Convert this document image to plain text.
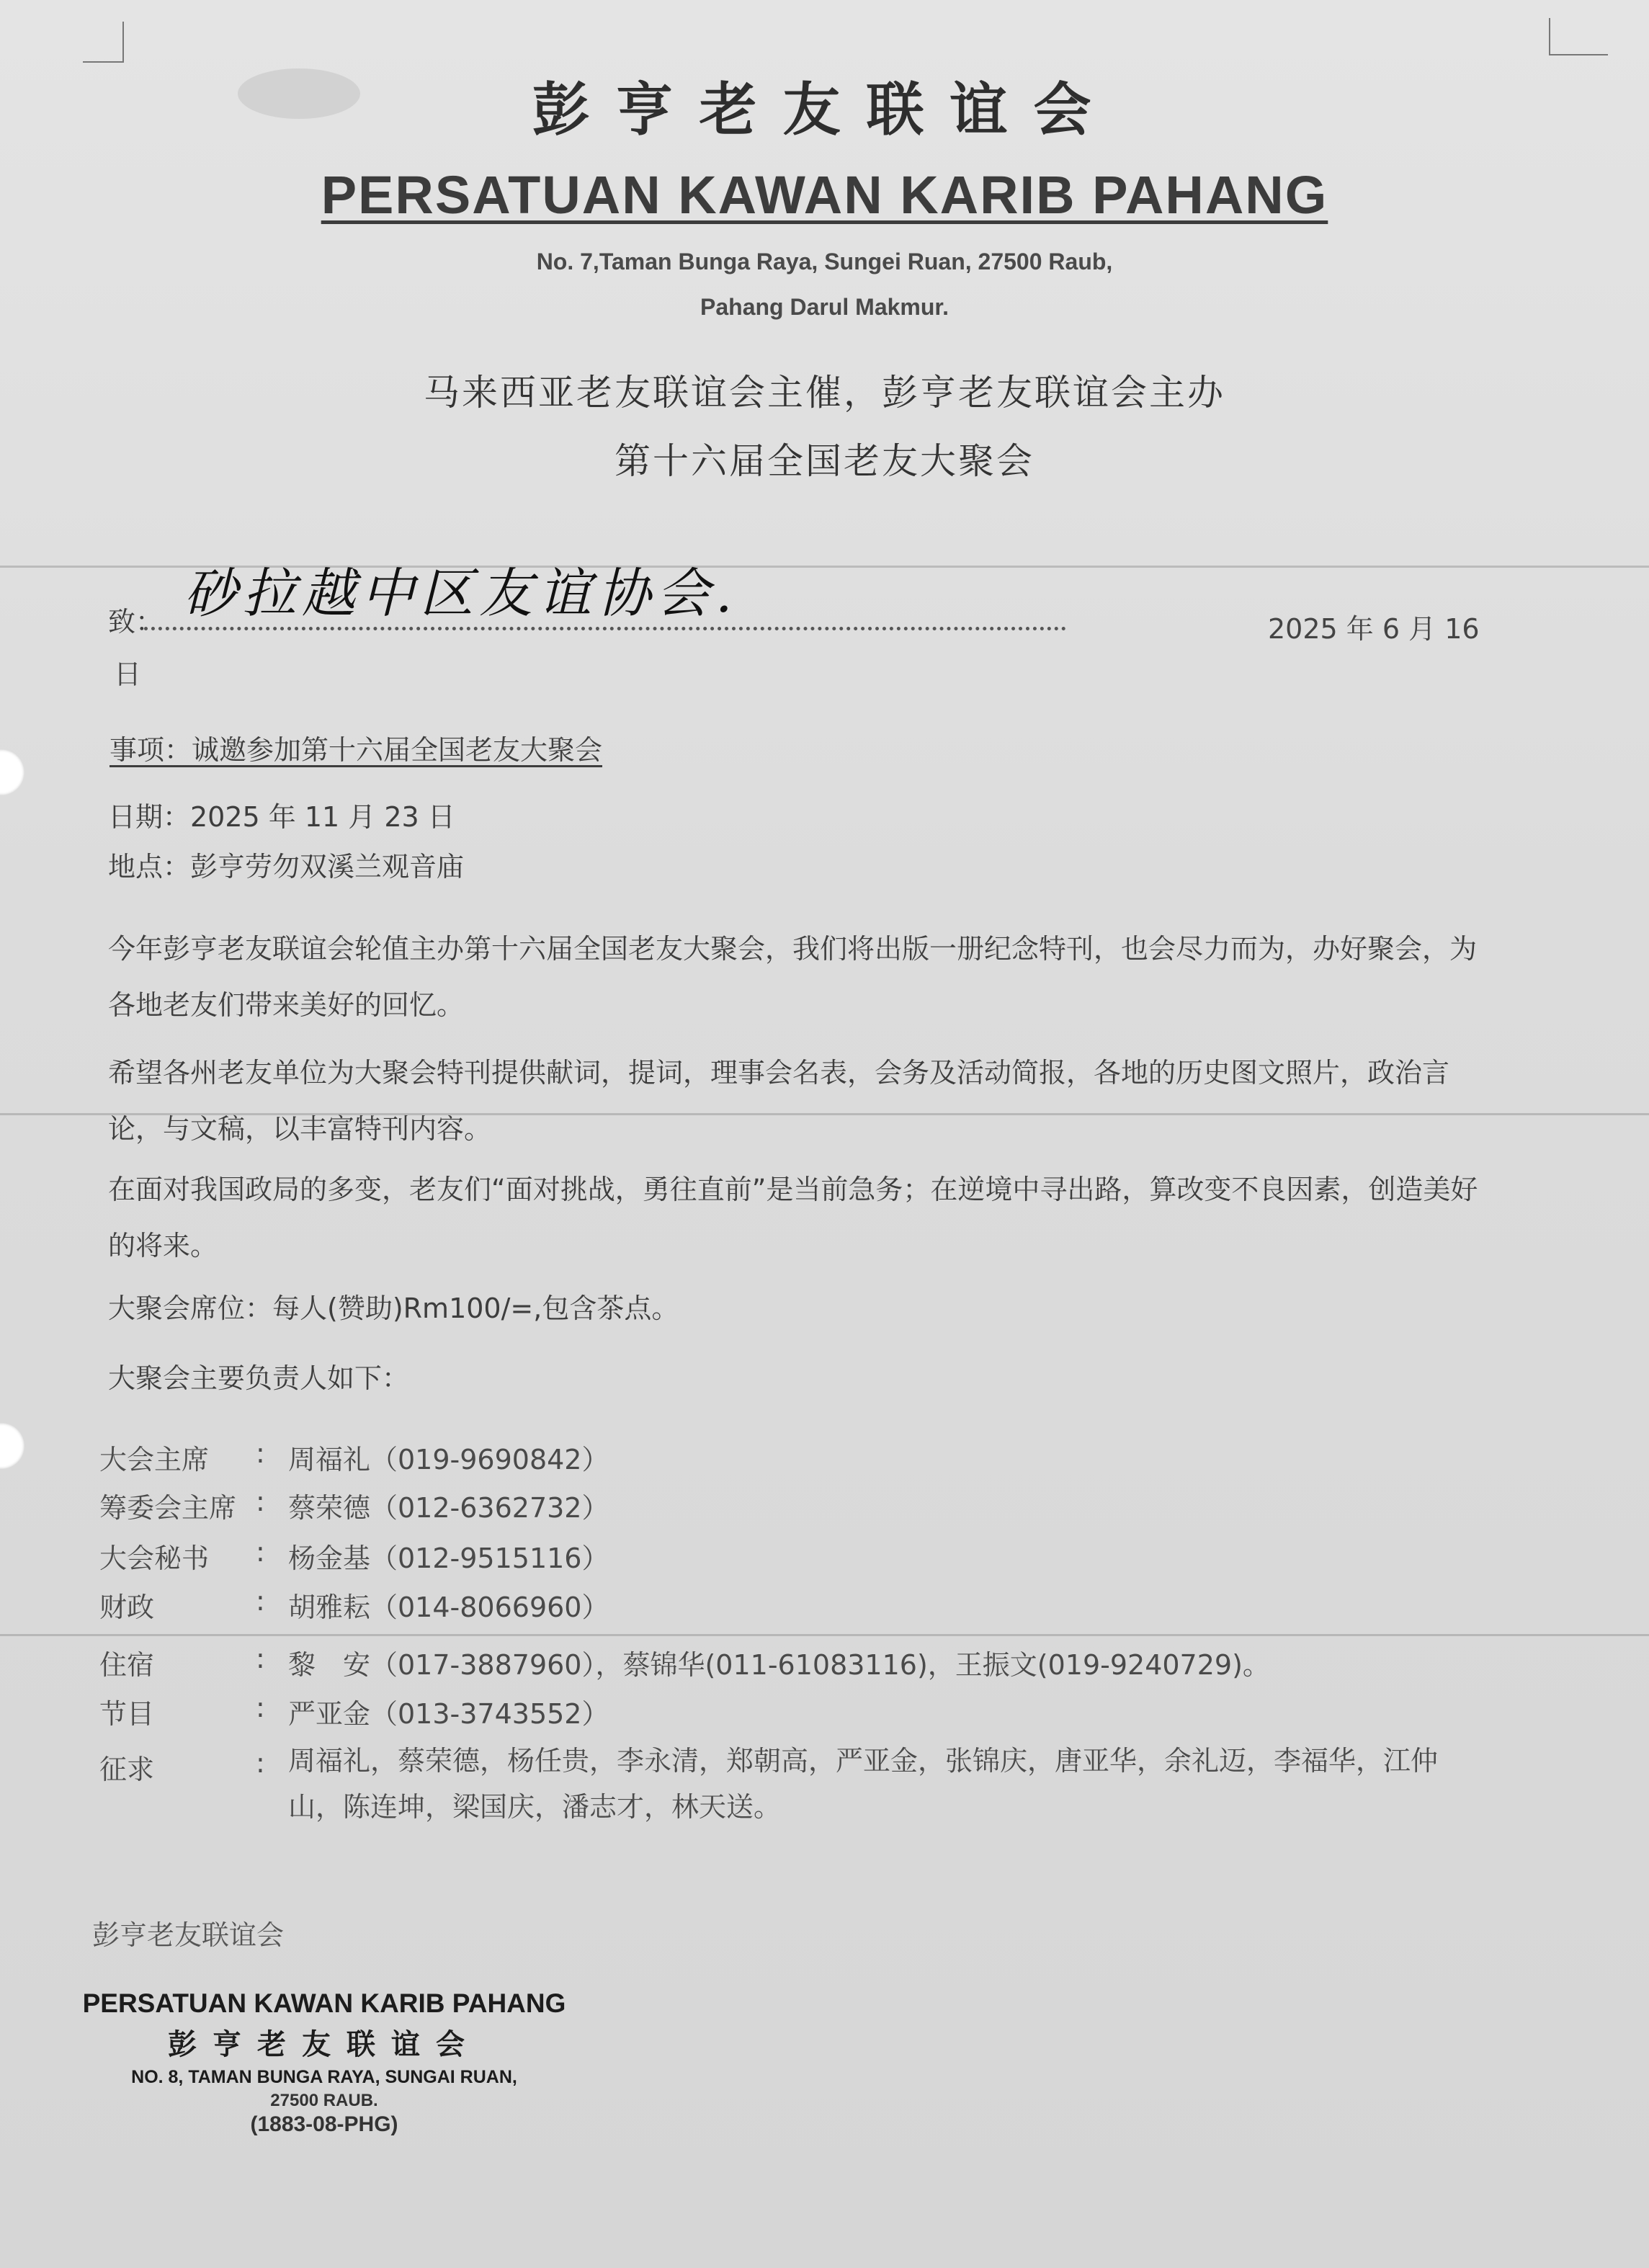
彭亨老友联谊会
PERSATUAN KAWAN KARIB PAHANG
No. 7,Taman Bunga Raya, Sungei Ruan, 27500 Raub,
Pahang Darul Makmur.
马来西亚老友联谊会主催，彭亨老友联谊会主办
第十六届全国老友大聚会
致： 砂拉越中区友谊协会.
2025 年 6 月 16
日
事项：诚邀参加第十六届全国老友大聚会
日期：2025 年 11 月 23 日
地点：彭亨劳勿双溪兰观音庙
今年彭亨老友联谊会轮值主办第十六届全国老友大聚会，我们将出版一册纪念特刊，也会尽力而为，办好聚会，为各地老友们带来美好的回忆。
希望各州老友单位为大聚会特刊提供献词，提词，理事会名表，会务及活动简报，各地的历史图文照片，政治言论，与文稿，以丰富特刊内容。
在面对我国政局的多变，老友们“面对挑战，勇往直前”是当前急务；在逆境中寻出路，算改变不良因素，创造美好的将来。
大聚会席位：每人(赞助)Rm100/=,包含茶点。
大聚会主要负责人如下：
大会主席 : 周福礼（019-9690842）
筹委会主席 : 蔡荣德（012-6362732）
大会秘书 : 杨金基（012-9515116）
财政	: 胡雅耘（014-8066960）
住宿	: 黎　安（017-3887960），蔡锦华(011-61083116)，王振文(019-9240729)。
节目	: 严亚金（013-3743552）
征求	: 周福礼，蔡荣德，杨任贵，李永清，郑朝高，严亚金，张锦庆，唐亚华，余礼迈，李福华，江仲山，陈连坤，梁国庆，潘志才，林天送。
彭亨老友联谊会
PERSATUAN KAWAN KARIB PAHANG
彭亨老友联谊会
NO. 8, TAMAN BUNGA RAYA, SUNGAI RUAN,
27500 RAUB.
(1883-08-PHG)
